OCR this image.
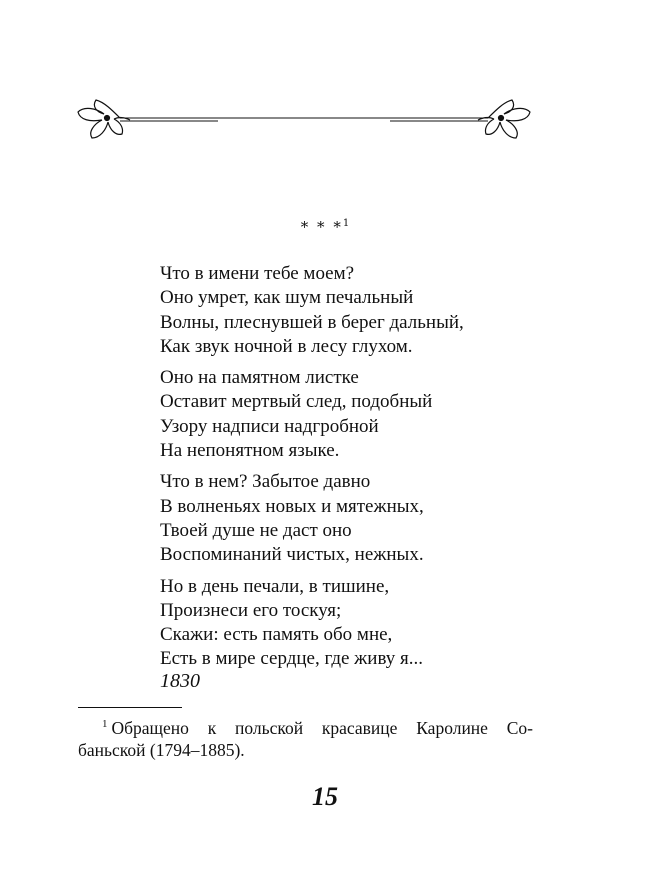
* * *$^1$
Что в имени тебе моем?
Оно умрет, как шум печальный
Волны, плеснувшей в берег дальный,
Как звук ночной в лесу глухом.
Оно на памятном листке
Оставит мертвый след, подобный
Узору надписи надгробной
На непонятном языке.
Что в нем? Забытое давно
В волненьях новых и мятежных,
Твоей душе не даст оно
Воспоминаний чистых, нежных.
Но в день печали, в тишине,
Произнеси его тоскуя;
Скажи: есть память обо мне,
Есть в мире сердце, где живу я...
1830
$^1$ Обращено к польской красавице Каролине Со-
баньской (1794–1885).
15
